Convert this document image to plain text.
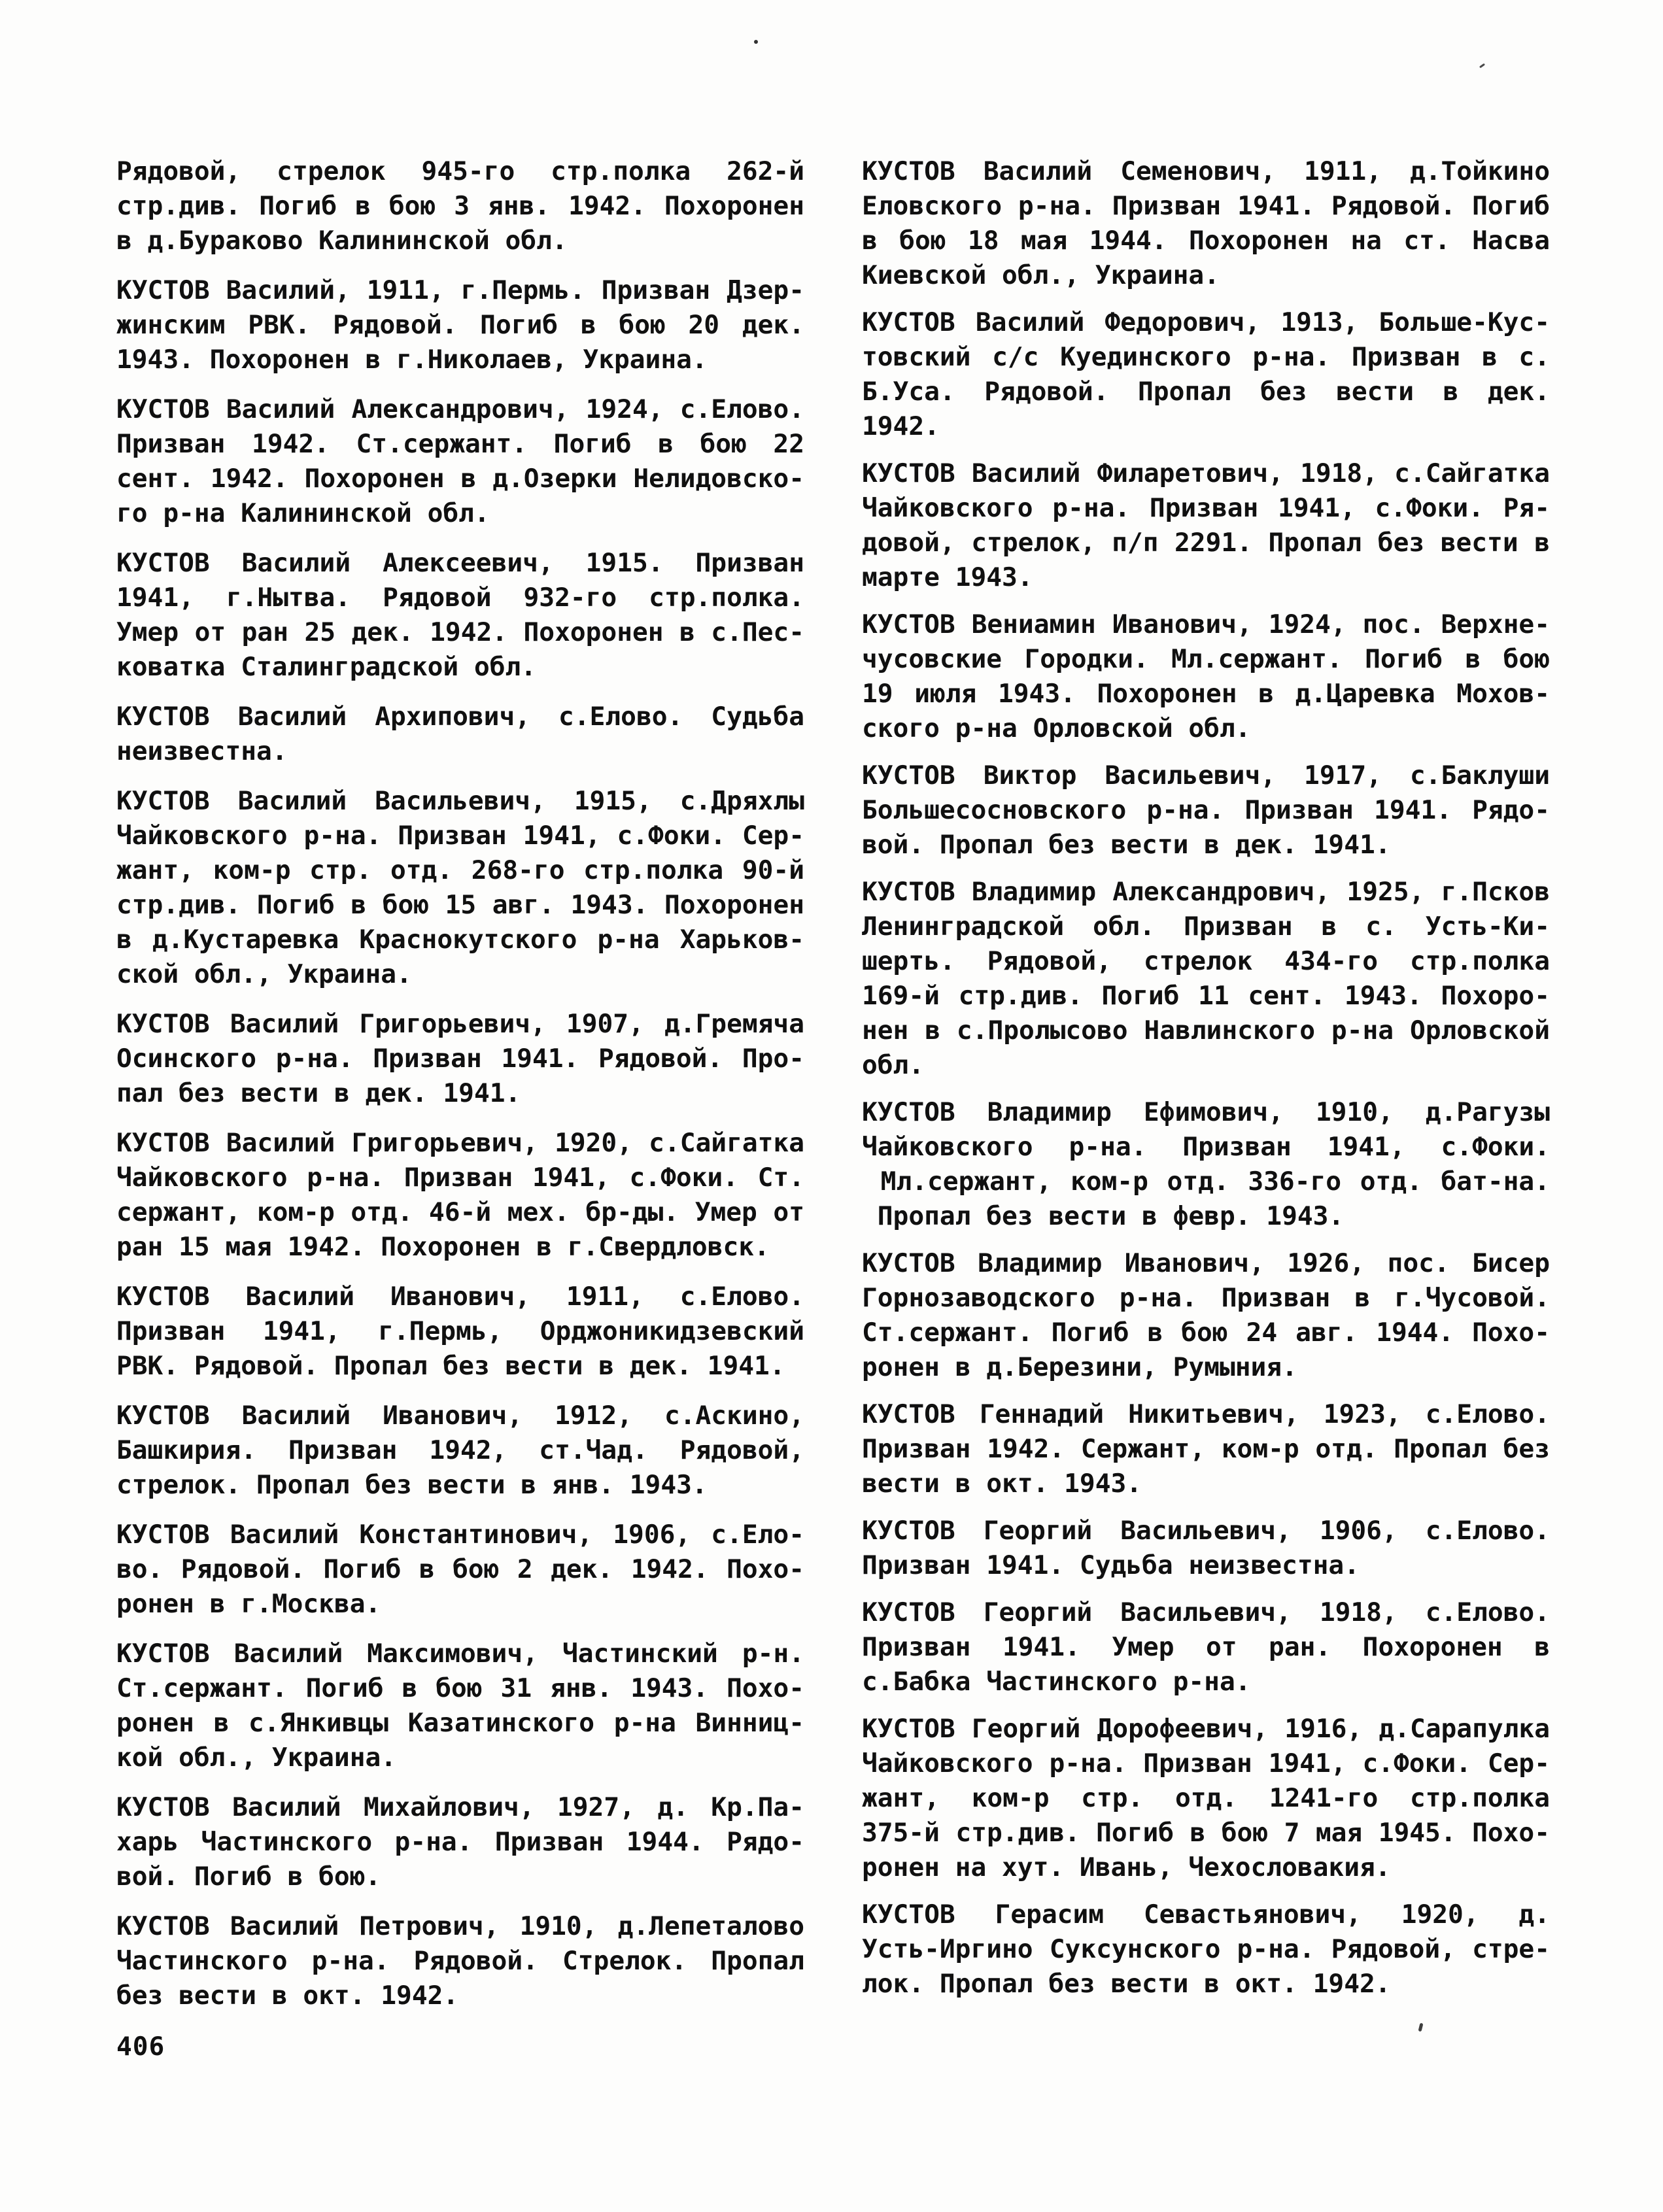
Рядовой, стрелок 945-го стр.полка 262-й
стр.див. Погиб в бою 3 янв. 1942. Похоронен
в д.Бураково Калининской обл.
КУСТОВ Василий, 1911, г.Пермь. Призван Дзер-
жинским РВК. Рядовой. Погиб в бою 20 дек.
1943. Похоронен в г.Николаев, Украина.
КУСТОВ Василий Александрович, 1924, с.Елово.
Призван 1942. Ст.сержант. Погиб в бою 22
сент. 1942. Похоронен в д.Озерки Нелидовско-
го р-на Калининской обл.
КУСТОВ Василий Алексеевич, 1915. Призван
1941, г.Нытва. Рядовой 932-го стр.полка.
Умер от ран 25 дек. 1942. Похоронен в с.Пес-
коватка Сталинградской обл.
КУСТОВ Василий Архипович, с.Елово. Судьба
неизвестна.
КУСТОВ Василий Васильевич, 1915, с.Дряхлы
Чайковского р-на. Призван 1941, с.Фоки. Сер-
жант, ком-р стр. отд. 268-го стр.полка 90-й
стр.див. Погиб в бою 15 авг. 1943. Похоронен
в д.Кустаревка Краснокутского р-на Харьков-
ской обл., Украина.
КУСТОВ Василий Григорьевич, 1907, д.Гремяча
Осинского р-на. Призван 1941. Рядовой. Про-
пал без вести в дек. 1941.
КУСТОВ Василий Григорьевич, 1920, с.Сайгатка
Чайковского р-на. Призван 1941, с.Фоки. Ст.
сержант, ком-р отд. 46-й мех. бр-ды. Умер от
ран 15 мая 1942. Похоронен в г.Свердловск.
КУСТОВ Василий Иванович, 1911, с.Елово.
Призван 1941, г.Пермь, Орджоникидзевский
РВК. Рядовой. Пропал без вести в дек. 1941.
КУСТОВ Василий Иванович, 1912, с.Аскино,
Башкирия. Призван 1942, ст.Чад. Рядовой,
стрелок. Пропал без вести в янв. 1943.
КУСТОВ Василий Константинович, 1906, с.Ело-
во. Рядовой. Погиб в бою 2 дек. 1942. Похо-
ронен в г.Москва.
КУСТОВ Василий Максимович, Частинский р-н.
Ст.сержант. Погиб в бою 31 янв. 1943. Похо-
ронен в с.Янкивцы Казатинского р-на Винниц-
кой обл., Украина.
КУСТОВ Василий Михайлович, 1927, д. Кр.Па-
харь Частинского р-на. Призван 1944. Рядо-
вой. Погиб в бою.
КУСТОВ Василий Петрович, 1910, д.Лепеталово
Частинского р-на. Рядовой. Стрелок. Пропал
без вести в окт. 1942.
КУСТОВ Василий Семенович, 1911, д.Тойкино
Еловского р-на. Призван 1941. Рядовой. Погиб
в бою 18 мая 1944. Похоронен на ст. Насва
Киевской обл., Украина.
КУСТОВ Василий Федорович, 1913, Больше-Кус-
товский с/с Куединского р-на. Призван в с.
Б.Уса. Рядовой. Пропал без вести в дек.
1942.
КУСТОВ Василий Филаретович, 1918, с.Сайгатка
Чайковского р-на. Призван 1941, с.Фоки. Ря-
довой, стрелок, п/п 2291. Пропал без вести в
марте 1943.
КУСТОВ Вениамин Иванович, 1924, пос. Верхне-
чусовские Городки. Мл.сержант. Погиб в бою
19 июля 1943. Похоронен в д.Царевка Мохов-
ского р-на Орловской обл.
КУСТОВ Виктор Васильевич, 1917, с.Баклуши
Большесосновского р-на. Призван 1941. Рядо-
вой. Пропал без вести в дек. 1941.
КУСТОВ Владимир Александрович, 1925, г.Псков
Ленинградской обл. Призван в с. Усть-Ки-
шерть. Рядовой, стрелок 434-го стр.полка
169-й стр.див. Погиб 11 сент. 1943. Похоро-
нен в с.Пролысово Навлинского р-на Орловской
обл.
КУСТОВ Владимир Ефимович, 1910, д.Рагузы
Чайковского р-на. Призван 1941, с.Фоки.
Мл.сержант, ком-р отд. 336-го отд. бат-на.
Пропал без вести в февр. 1943.
КУСТОВ Владимир Иванович, 1926, пос. Бисер
Горнозаводского р-на. Призван в г.Чусовой.
Ст.сержант. Погиб в бою 24 авг. 1944. Похо-
ронен в д.Березини, Румыния.
КУСТОВ Геннадий Никитьевич, 1923, с.Елово.
Призван 1942. Сержант, ком-р отд. Пропал без
вести в окт. 1943.
КУСТОВ Георгий Васильевич, 1906, с.Елово.
Призван 1941. Судьба неизвестна.
КУСТОВ Георгий Васильевич, 1918, с.Елово.
Призван 1941. Умер от ран. Похоронен в
с.Бабка Частинского р-на.
КУСТОВ Георгий Дорофеевич, 1916, д.Сарапулка
Чайковского р-на. Призван 1941, с.Фоки. Сер-
жант, ком-р стр. отд. 1241-го стр.полка
375-й стр.див. Погиб в бою 7 мая 1945. Похо-
ронен на хут. Ивань, Чехословакия.
КУСТОВ Герасим Севастьянович, 1920, д.
Усть-Иргино Суксунского р-на. Рядовой, стре-
лок. Пропал без вести в окт. 1942.
406
